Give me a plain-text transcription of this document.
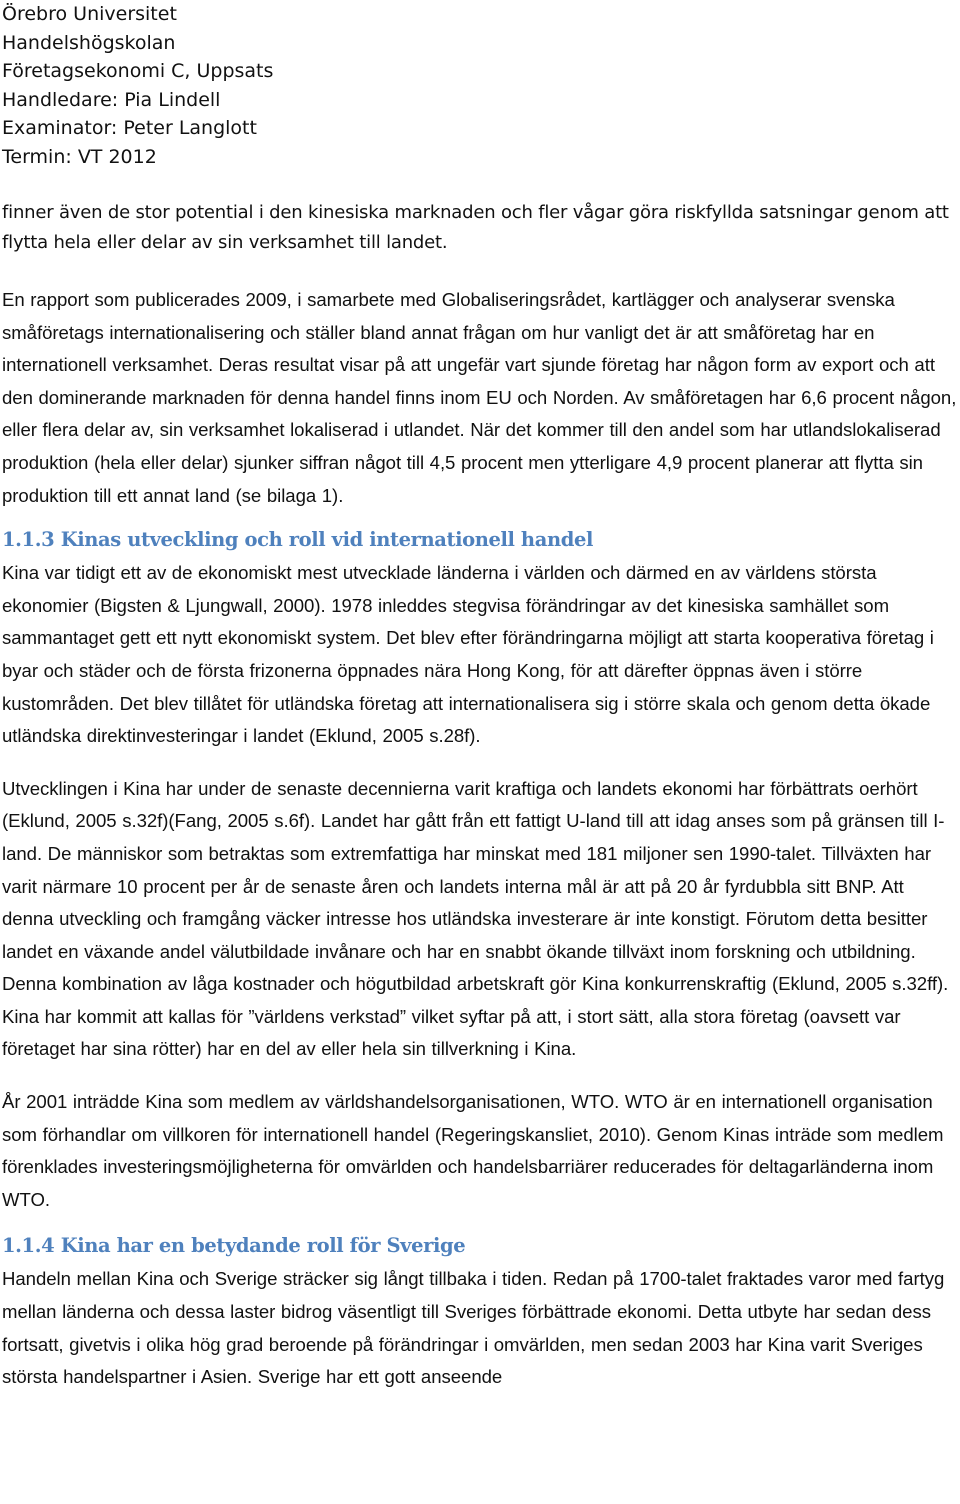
Örebro Universitet
Handelshögskolan
Företagsekonomi C, Uppsats
Handledare: Pia Lindell
Examinator: Peter Langlott
Termin: VT 2012

finner även de stor potential i den kinesiska marknaden och fler vågar göra riskfyllda satsningar genom att flytta hela eller delar av sin verksamhet till landet.

En rapport som publicerades 2009, i samarbete med Globaliseringsrådet, kartlägger och analyserar svenska småföretags internationalisering och ställer bland annat frågan om hur vanligt det är att småföretag har en internationell verksamhet. Deras resultat visar på att ungefär vart sjunde företag har någon form av export och att den dominerande marknaden för denna handel finns inom EU och Norden. Av småföretagen har 6,6 procent någon, eller flera delar av, sin verksamhet lokaliserad i utlandet. När det kommer till den andel som har utlandslokaliserad produktion (hela eller delar) sjunker siffran något till 4,5 procent men ytterligare 4,9 procent planerar att flytta sin produktion till ett annat land (se bilaga 1).

1.1.3 Kinas utveckling och roll vid internationell handel

Kina var tidigt ett av de ekonomiskt mest utvecklade länderna i världen och därmed en av världens största ekonomier (Bigsten & Ljungwall, 2000). 1978 inleddes stegvisa förändringar av det kinesiska samhället som sammantaget gett ett nytt ekonomiskt system. Det blev efter förändringarna möjligt att starta kooperativa företag i byar och städer och de första frizonerna öppnades nära Hong Kong, för att därefter öppnas även i större kustområden. Det blev tillåtet för utländska företag att internationalisera sig i större skala och genom detta ökade utländska direktinvesteringar i landet (Eklund, 2005 s.28f).

Utvecklingen i Kina har under de senaste decennierna varit kraftiga och landets ekonomi har förbättrats oerhört (Eklund, 2005 s.32f)(Fang, 2005 s.6f). Landet har gått från ett fattigt U-land till att idag anses som på gränsen till I-land. De människor som betraktas som extremfattiga har minskat med 181 miljoner sen 1990-talet. Tillväxten har varit närmare 10 procent per år de senaste åren och landets interna mål är att på 20 år fyrdubbla sitt BNP. Att denna utveckling och framgång väcker intresse hos utländska investerare är inte konstigt. Förutom detta besitter landet en växande andel välutbildade invånare och har en snabbt ökande tillväxt inom forskning och utbildning. Denna kombination av låga kostnader och högutbildad arbetskraft gör Kina konkurrenskraftig (Eklund, 2005 s.32ff). Kina har kommit att kallas för ”världens verkstad” vilket syftar på att, i stort sätt, alla stora företag (oavsett var företaget har sina rötter) har en del av eller hela sin tillverkning i Kina.

År 2001 inträdde Kina som medlem av världshandelsorganisationen, WTO. WTO är en internationell organisation som förhandlar om villkoren för internationell handel (Regeringskansliet, 2010). Genom Kinas inträde som medlem förenklades investeringsmöjligheterna för omvärlden och handelsbarriärer reducerades för deltagarländerna inom WTO.

1.1.4 Kina har en betydande roll för Sverige

Handeln mellan Kina och Sverige sträcker sig långt tillbaka i tiden. Redan på 1700-talet fraktades varor med fartyg mellan länderna och dessa laster bidrog väsentligt till Sveriges förbättrade ekonomi. Detta utbyte har sedan dess fortsatt, givetvis i olika hög grad beroende på förändringar i omvärlden, men sedan 2003 har Kina varit Sveriges största handelspartner i Asien. Sverige har ett gott anseende
